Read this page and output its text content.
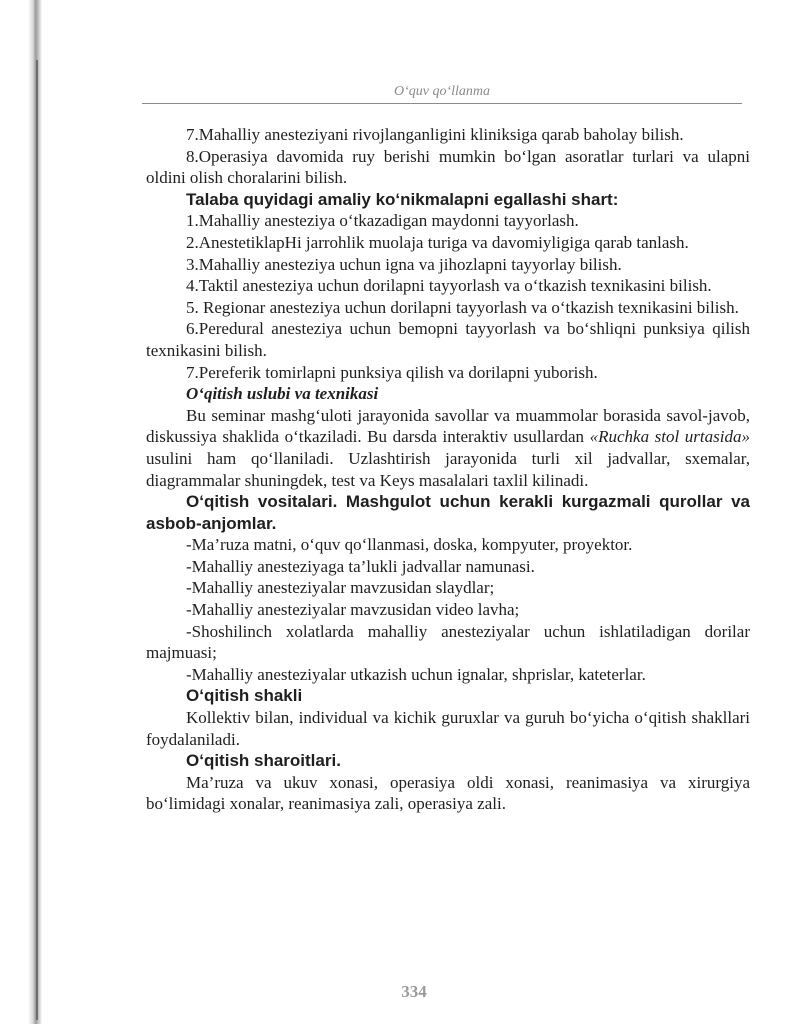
O‘quv qo‘llanma

7.Mahalliy anesteziyani rivojlanganligini kliniksiga qarab baholay bilish.

8.Operasiya davomida ruy berishi mumkin bo‘lgan asoratlar turlari va ulapni oldini olish choralarini bilish.

Talaba quyidagi amaliy ko‘nikmalapni egallashi shart:

1.Mahalliy anesteziya o‘tkazadigan maydonni tayyorlash.

2.AnestetiklapHi jarrohlik muolaja turiga va davomiyligiga qarab tanlash.

3.Mahalliy anesteziya uchun igna va jihozlapni tayyorlay bilish.

4.Taktil anesteziya uchun dorilapni tayyorlash va o‘tkazish texnikasini bilish.

5. Regionar anesteziya uchun dorilapni tayyorlash va o‘tkazish texnikasini bilish.

6.Peredural anesteziya uchun bemopni tayyorlash va bo‘shliqni punksiya qilish texnikasini bilish.

7.Pereferik tomirlapni punksiya qilish va dorilapni yuborish.

O‘qitish uslubi va texnikasi

Bu seminar mashg‘uloti jarayonida savollar va muammolar borasida savol-javob, diskussiya shaklida o‘tkaziladi. Bu darsda interaktiv usullardan «Ruchka stol urtasida» usulini ham qo‘llaniladi. Uzlashtirish jarayonida turli xil jadvallar, sxemalar, diagrammalar shuningdek, test va Keys masalalari taxlil kilinadi.

O‘qitish vositalari. Mashgulot uchun kerakli kurgazmali qurollar va asbob-anjomlar.

-Ma’ruza matni, o‘quv qo‘llanmasi, doska, kompyuter, proyektor.

-Mahalliy anesteziyaga ta’lukli jadvallar namunasi.

-Mahalliy anesteziyalar mavzusidan slaydlar;

-Mahalliy anesteziyalar mavzusidan video lavha;

-Shoshilinch xolatlarda mahalliy anesteziyalar uchun ishlatiladigan dorilar majmuasi;

-Mahalliy anesteziyalar utkazish uchun ignalar, shprislar, kateterlar.

O‘qitish shakli

Kollektiv bilan, individual va kichik guruxlar va guruh bo‘yicha o‘qitish shakllari foydalaniladi.

O‘qitish sharoitlari.

Ma’ruza va ukuv xonasi, operasiya oldi xonasi, reanimasiya va xirurgiya bo‘limidagi xonalar, reanimasiya zali, operasiya zali.

334
